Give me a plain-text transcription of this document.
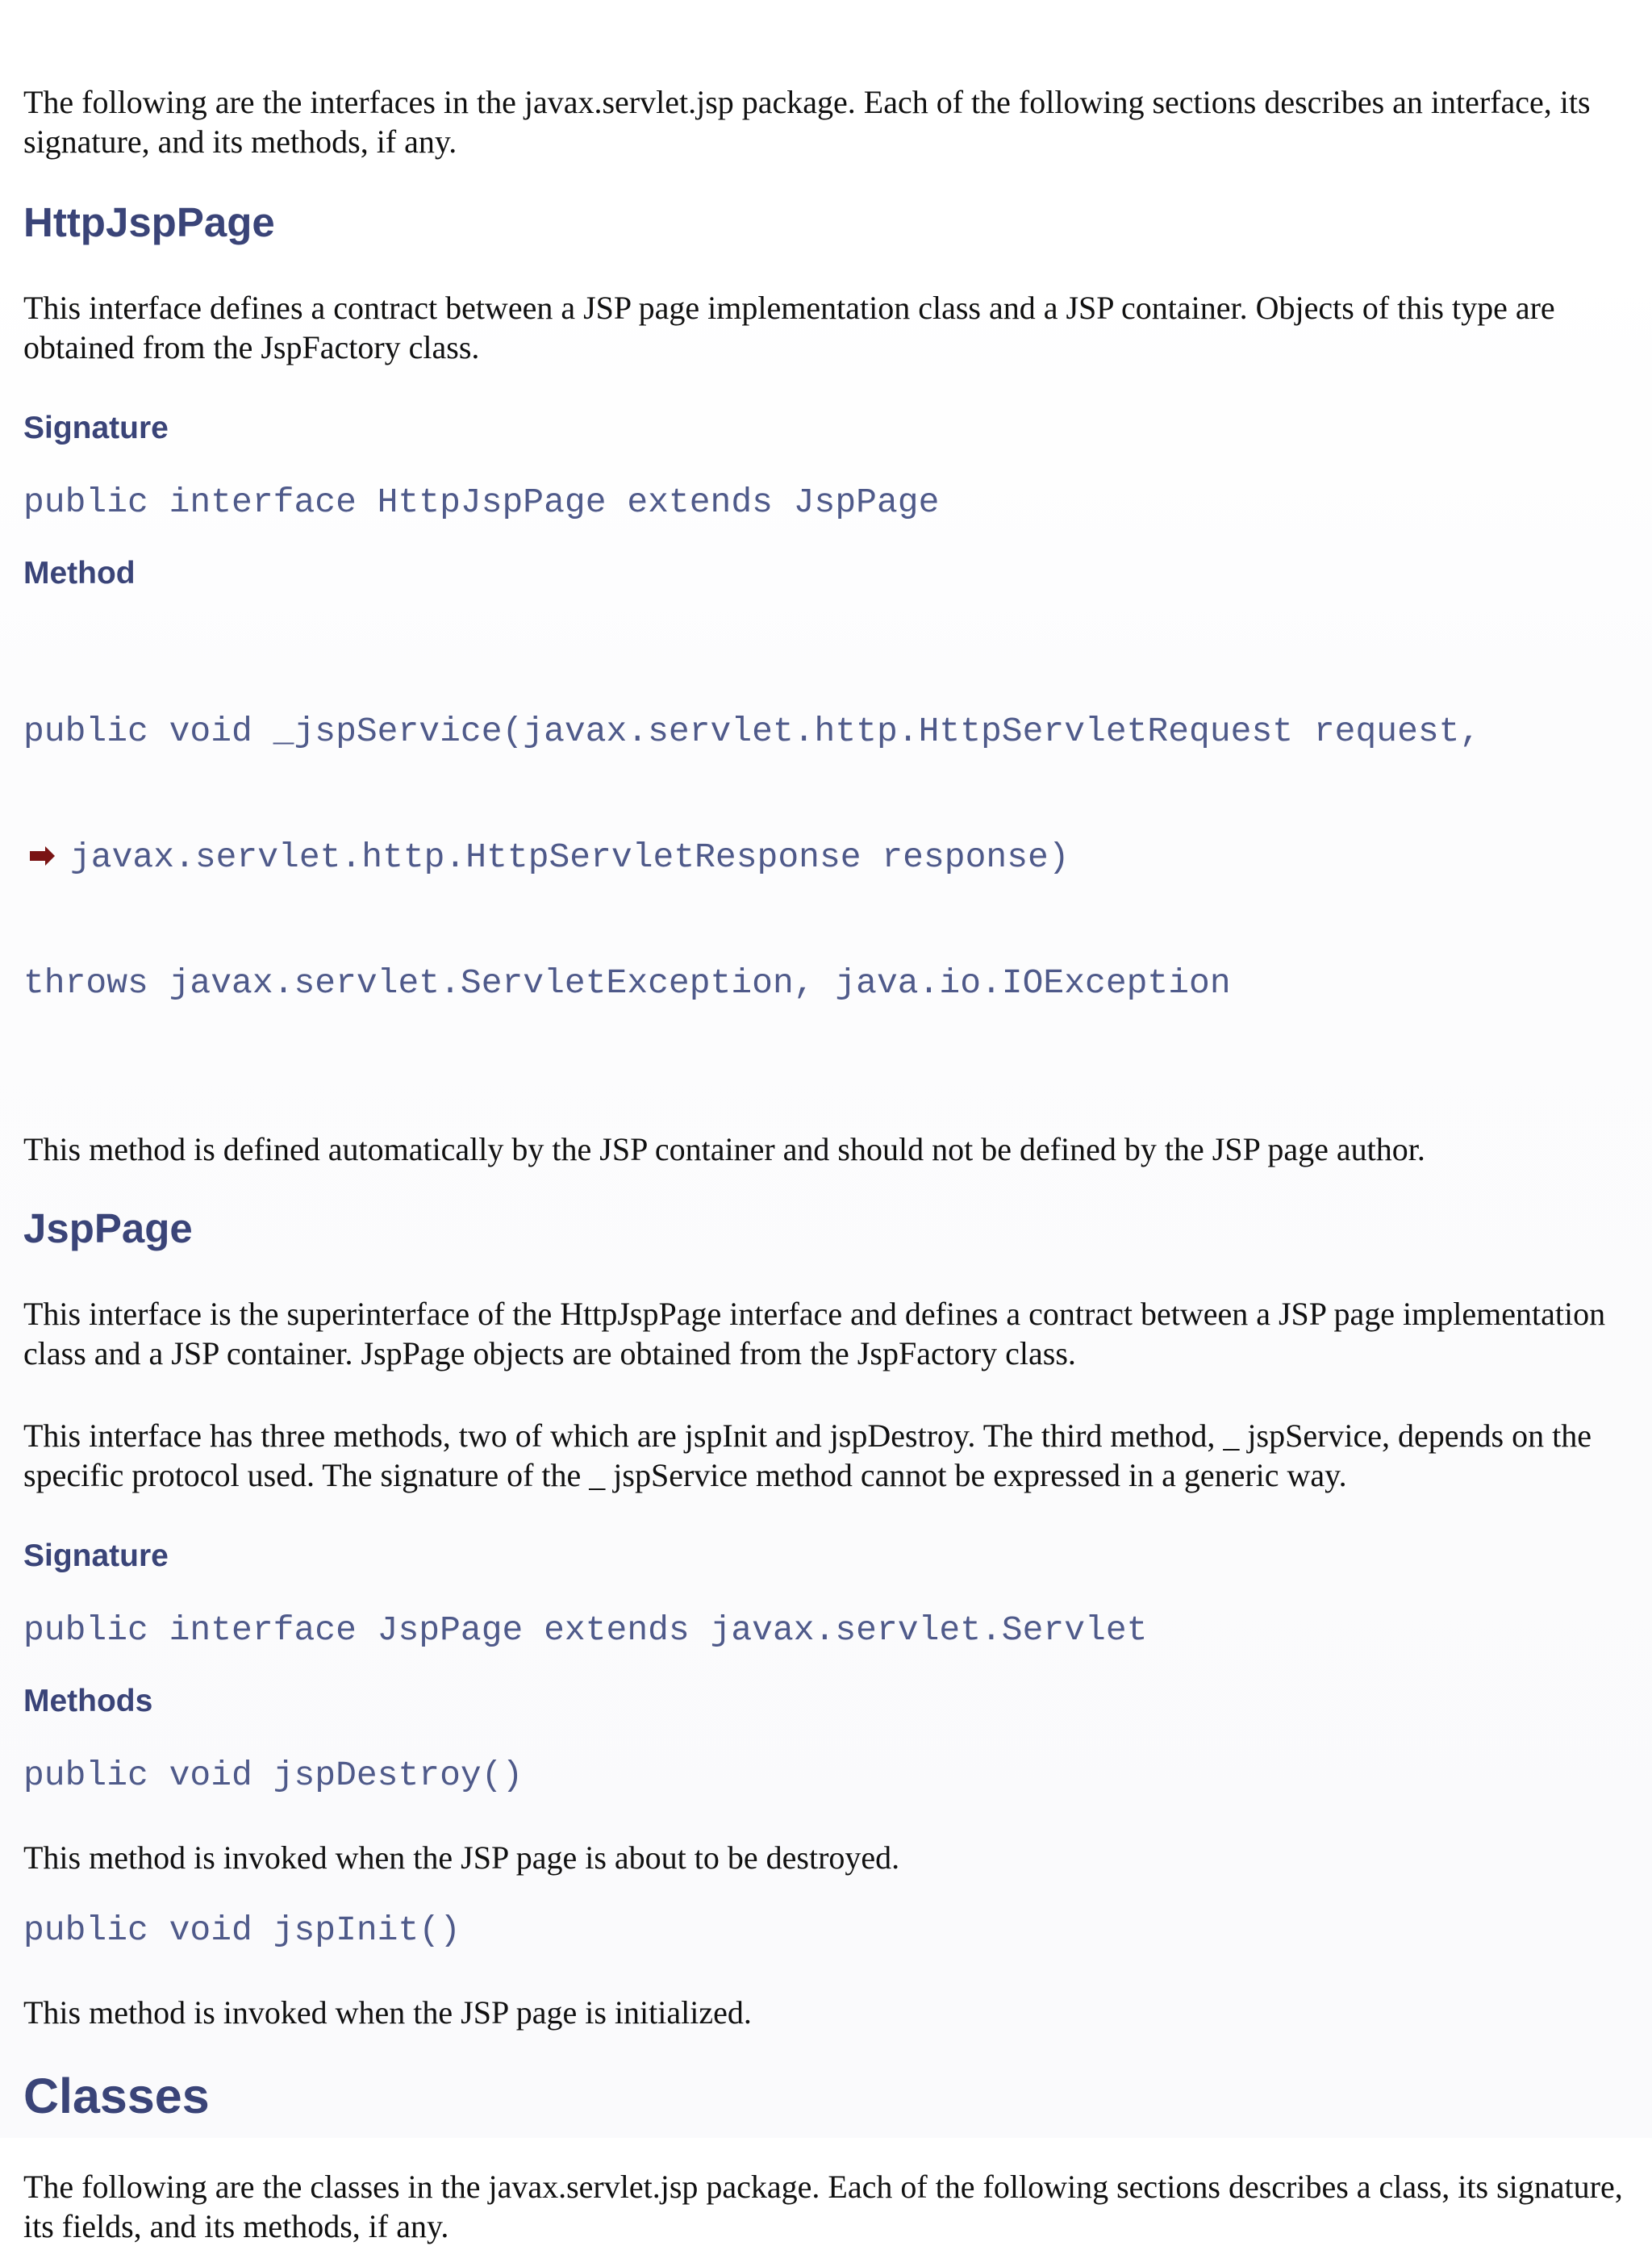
The following are the interfaces in the javax.servlet.jsp package. Each of the following sections describes an interface, its signature, and its methods, if any.

HttpJspPage

This interface defines a contract between a JSP page implementation class and a JSP container. Objects of this type are obtained from the JspFactory class.

Signature
public interface HttpJspPage extends JspPage
Method

public void _jspService(javax.servlet.http.HttpServletRequest request,

javax.servlet.http.HttpServletResponse response)

throws javax.servlet.ServletException, java.io.IOException

This method is defined automatically by the JSP container and should not be defined by the JSP page author.

JspPage

This interface is the superinterface of the HttpJspPage interface and defines a contract between a JSP page implementation class and a JSP container. JspPage objects are obtained from the JspFactory class.

This interface has three methods, two of which are jspInit and jspDestroy. The third method, _ jspService, depends on the specific protocol used. The signature of the _ jspService method cannot be expressed in a generic way.

Signature
public interface JspPage extends javax.servlet.Servlet
Methods
public void jspDestroy()

This method is invoked when the JSP page is about to be destroyed.

public void jspInit()

This method is invoked when the JSP page is initialized.

Classes

The following are the classes in the javax.servlet.jsp package. Each of the following sections describes a class, its signature, its fields, and its methods, if any.
